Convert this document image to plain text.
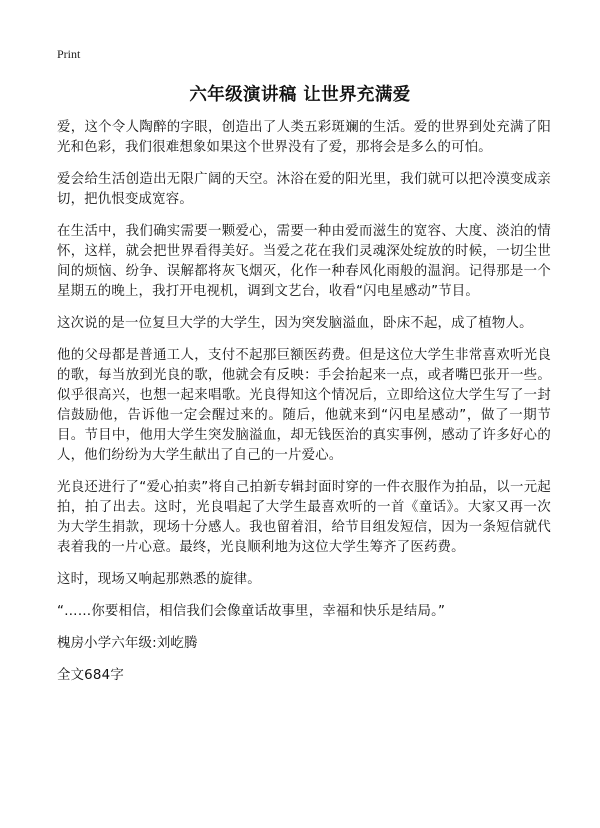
Print
六年级演讲稿 让世界充满爱

爱，这个令人陶醉的字眼，创造出了人类五彩斑斓的生活。爱的世界到处充满了阳光和色彩，我们很难想象如果这个世界没有了爱，那将会是多么的可怕。

爱会给生活创造出无限广阔的天空。沐浴在爱的阳光里，我们就可以把冷漠变成亲切，把仇恨变成宽容。

在生活中，我们确实需要一颗爱心，需要一种由爱而滋生的宽容、大度、淡泊的情怀，这样，就会把世界看得美好。当爱之花在我们灵魂深处绽放的时候，一切尘世间的烦恼、纷争、误解都将灰飞烟灭，化作一种春风化雨般的温润。记得那是一个星期五的晚上，我打开电视机，调到文艺台，收看“闪电星感动”节目。

这次说的是一位复旦大学的大学生，因为突发脑溢血，卧床不起，成了植物人。

他的父母都是普通工人，支付不起那巨额医药费。但是这位大学生非常喜欢听光良的歌，每当放到光良的歌，他就会有反映：手会抬起来一点，或者嘴巴张开一些。似乎很高兴，也想一起来唱歌。光良得知这个情况后，立即给这位大学生写了一封信鼓励他，告诉他一定会醒过来的。随后，他就来到“闪电星感动”，做了一期节目。节目中，他用大学生突发脑溢血，却无钱医治的真实事例，感动了许多好心的人，他们纷纷为大学生献出了自己的一片爱心。

光良还进行了“爱心拍卖”将自己拍新专辑封面时穿的一件衣服作为拍品，以一元起拍，拍了出去。这时，光良唱起了大学生最喜欢听的一首《童话》。大家又再一次为大学生捐款，现场十分感人。我也留着泪，给节目组发短信，因为一条短信就代表着我的一片心意。最终，光良顺利地为这位大学生筹齐了医药费。

这时，现场又响起那熟悉的旋律。

“……你要相信，相信我们会像童话故事里，幸福和快乐是结局。”

槐房小学六年级:刘屹腾

全文684字
